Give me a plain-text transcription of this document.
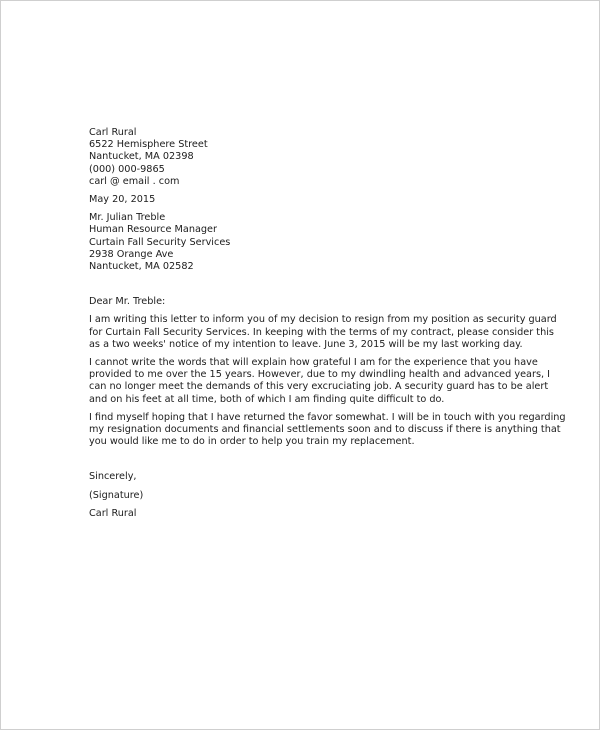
Carl Rural
6522 Hemisphere Street
Nantucket, MA 02398
(000) 000-9865
carl @ email . com
May 20, 2015
Mr. Julian Treble
Human Resource Manager
Curtain Fall Security Services
2938 Orange Ave
Nantucket, MA 02582
Dear Mr. Treble:
I am writing this letter to inform you of my decision to resign from my position as security guard
for Curtain Fall Security Services. In keeping with the terms of my contract, please consider this
as a two weeks' notice of my intention to leave. June 3, 2015 will be my last working day.
I cannot write the words that will explain how grateful I am for the experience that you have
provided to me over the 15 years. However, due to my dwindling health and advanced years, I
can no longer meet the demands of this very excruciating job. A security guard has to be alert
and on his feet at all time, both of which I am finding quite difficult to do.
I find myself hoping that I have returned the favor somewhat. I will be in touch with you regarding
my resignation documents and financial settlements soon and to discuss if there is anything that
you would like me to do in order to help you train my replacement.
Sincerely,
(Signature)
Carl Rural
